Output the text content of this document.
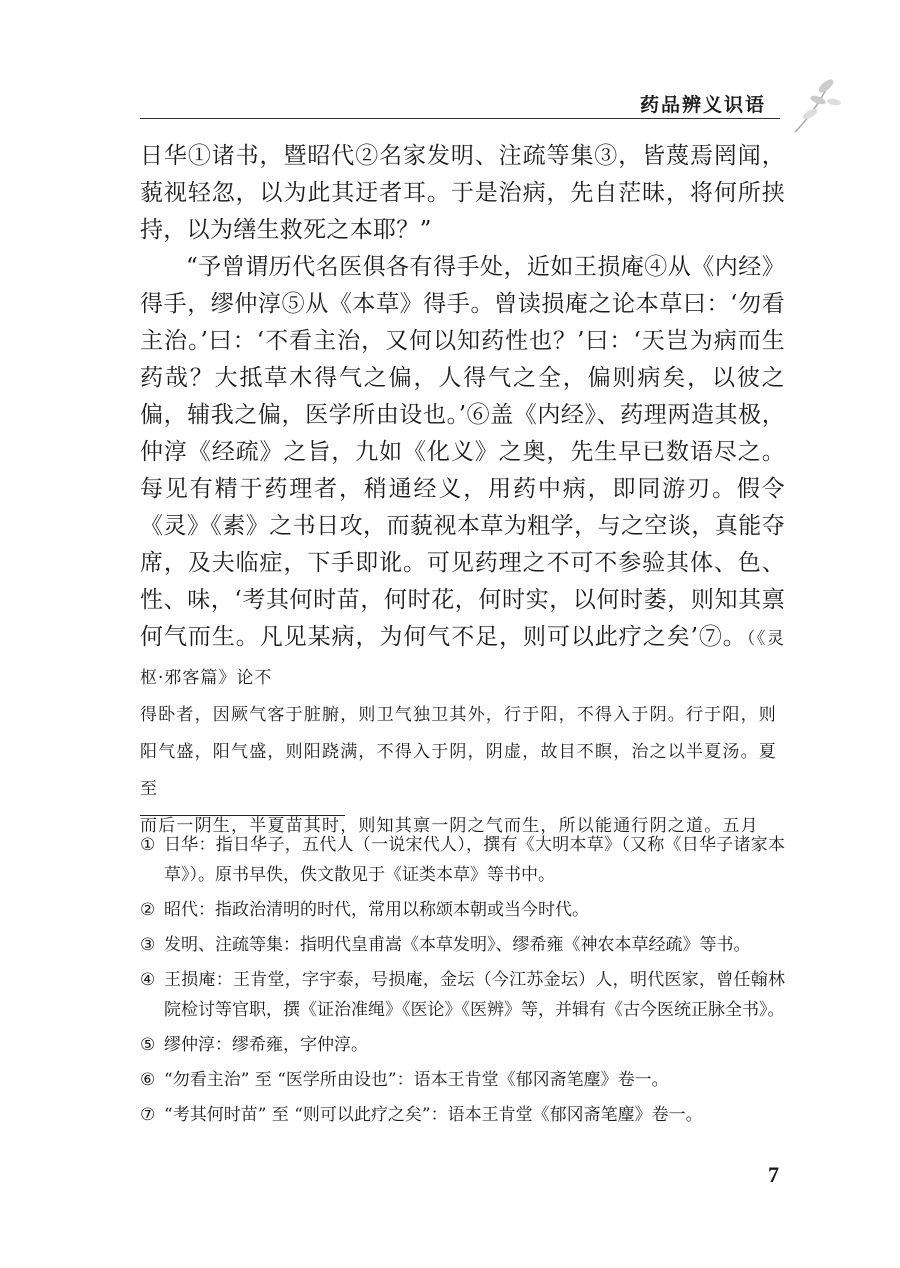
药品辨义识语

日华①诸书，暨昭代②名家发明、注疏等集③，皆蔑焉罔闻，藐视轻忽，以为此其迂者耳。于是治病，先自茫昧，将何所挟持，以为缮生救死之本耶？”

“予曾谓历代名医俱各有得手处，近如王损庵④从《内经》得手，缪仲淳⑤从《本草》得手。曾读损庵之论本草曰：‘勿看主治。’曰：‘不看主治，又何以知药性也？’曰：‘天岂为病而生药哉？大抵草木得气之偏，人得气之全，偏则病矣，以彼之偏，辅我之偏，医学所由设也。’⑥盖《内经》、药理两造其极，仲淳《经疏》之旨，九如《化义》之奥，先生早已数语尽之。每见有精于药理者，稍通经义，用药中病，即同游刃。假令《灵》《素》之书日攻，而藐视本草为粗学，与之空谈，真能夺席，及夫临症，下手即讹。可见药理之不可不参验其体、色、性、味，‘考其何时苗，何时花，何时实，以何时萎，则知其禀何气而生。凡见某病，为何气不足，则可以此疗之矣’⑦。（《灵枢·邪客篇》论不

得卧者，因厥气客于脏腑，则卫气独卫其外，行于阳，不得入于阴。行于阳，则
阳气盛，阳气盛，则阳跷满，不得入于阴，阴虚，故目不瞑，治之以半夏汤。夏至
而后一阴生，半夏苗其时，则知其禀一阴之气而生，所以能通行阴之道。五月
① 日华：指日华子，五代人（一说宋代人），撰有《大明本草》（又称《日华子诸家本草》）。原书早佚，佚文散见于《证类本草》等书中。
② 昭代：指政治清明的时代，常用以称颂本朝或当今时代。
③ 发明、注疏等集：指明代皇甫嵩《本草发明》、缪希雍《神农本草经疏》等书。
④ 王损庵：王肯堂，字宇泰，号损庵，金坛（今江苏金坛）人，明代医家，曾任翰林院检讨等官职，撰《证治准绳》《医论》《医辨》等，并辑有《古今医统正脉全书》。
⑤ 缪仲淳：缪希雍，字仲淳。
⑥ “勿看主治” 至 “医学所由设也”：语本王肯堂《郁冈斋笔麈》卷一。
⑦ “考其何时苗” 至 “则可以此疗之矣”：语本王肯堂《郁冈斋笔麈》卷一。
7
